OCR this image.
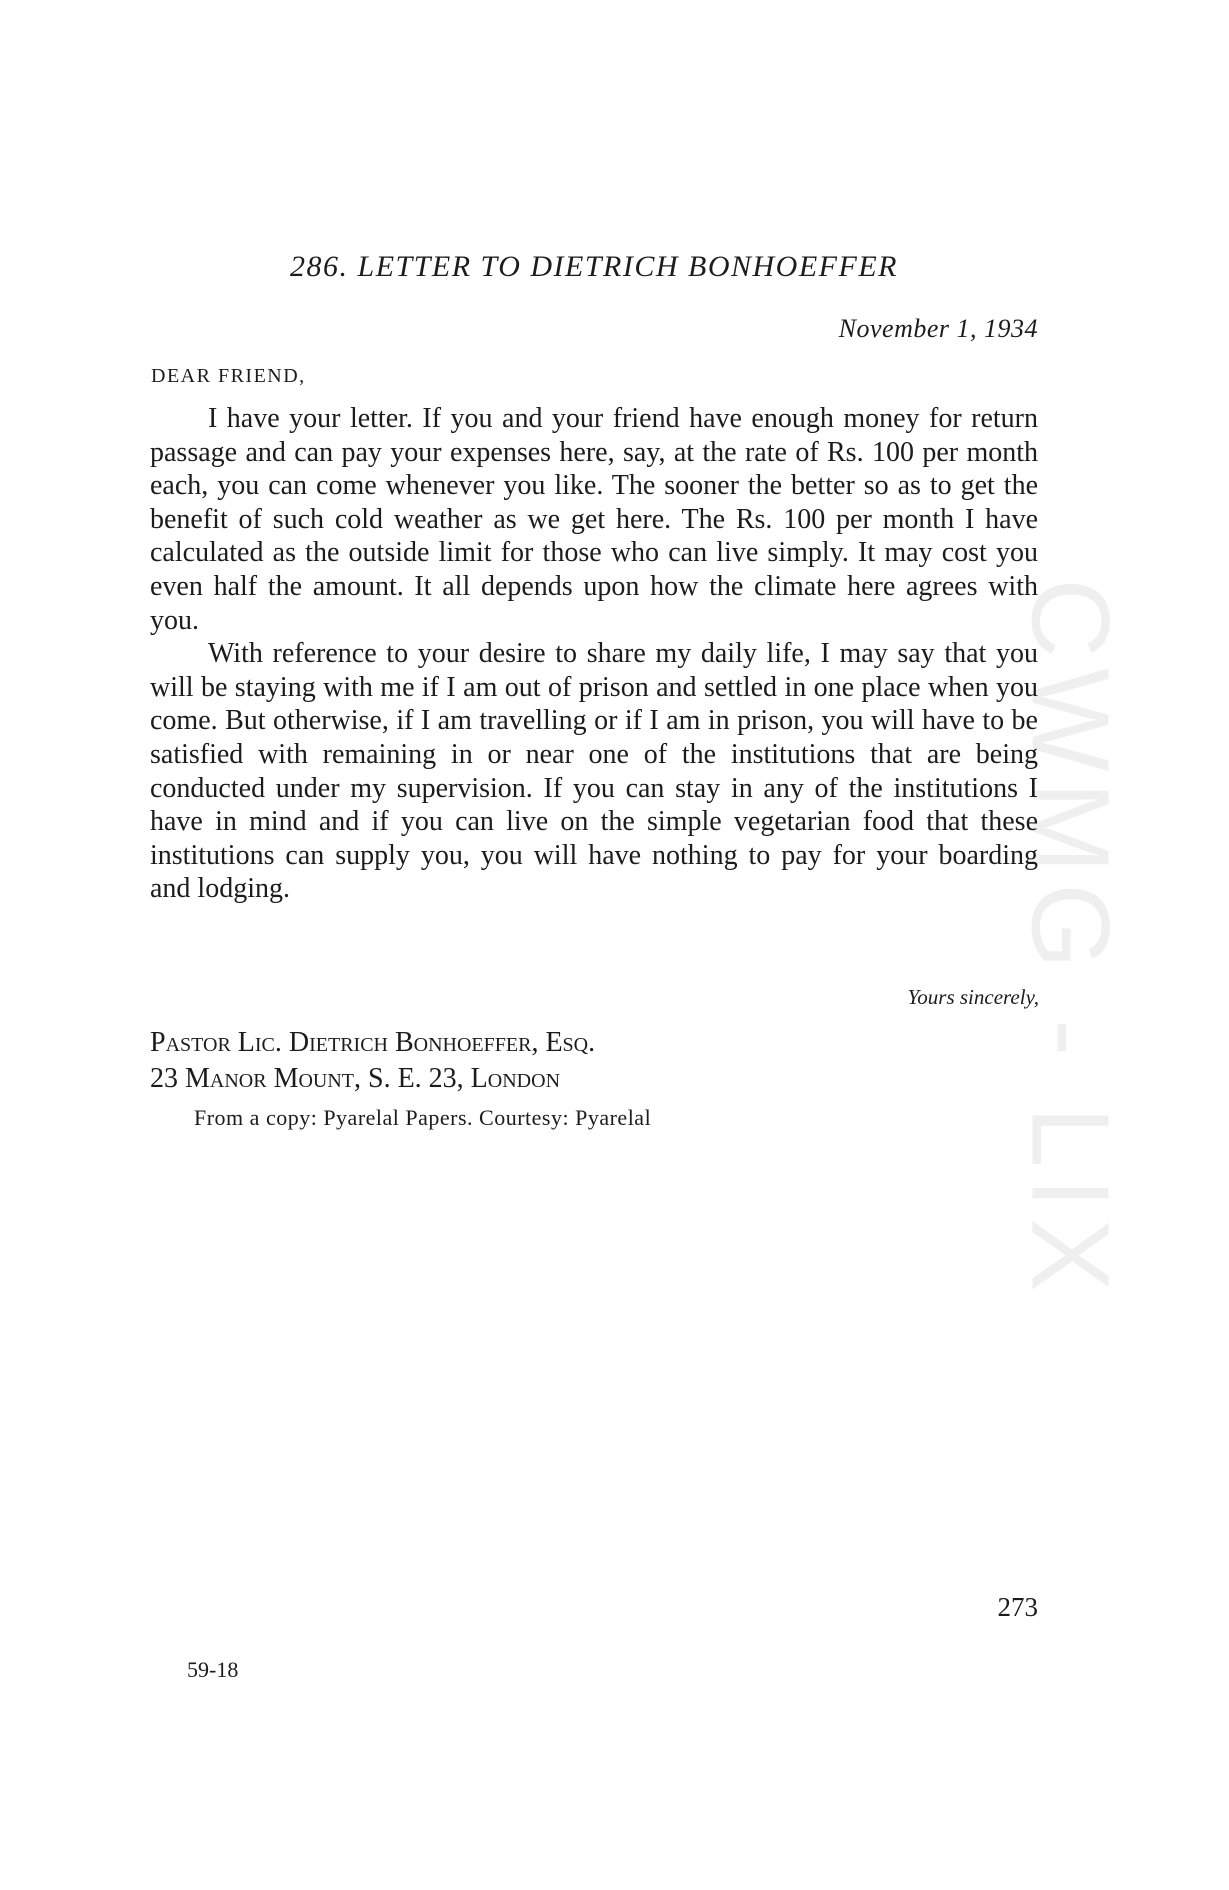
286. LETTER TO DIETRICH BONHOEFFER
November 1, 1934
DEAR FRIEND,

I have your letter. If you and your friend have enough money for return passage and can pay your expenses here, say, at the rate of Rs. 100 per month each, you can come whenever you like. The sooner the better so as to get the benefit of such cold weather as we get here. The Rs. 100 per month I have calculated as the outside limit for those who can live simply. It may cost you even half the amount. It all depends upon how the climate here agrees with you.

With reference to your desire to share my daily life, I may say that you will be staying with me if I am out of prison and settled in one place when you come. But otherwise, if I am travelling or if I am in prison, you will have to be satisfied with remaining in or near one of the institutions that are being conducted under my supervision. If you can stay in any of the institutions I have in mind and if you can live on the simple vegetarian food that these institutions can supply you, you will have nothing to pay for your boarding and lodging.

Yours sincerely,
Pastor Lic. Dietrich Bonhoeffer, Esq.
23 Manor Mount, S. E. 23, London
From a copy: Pyarelal Papers. Courtesy: Pyarelal
273
59-18
CWMG - LIX
